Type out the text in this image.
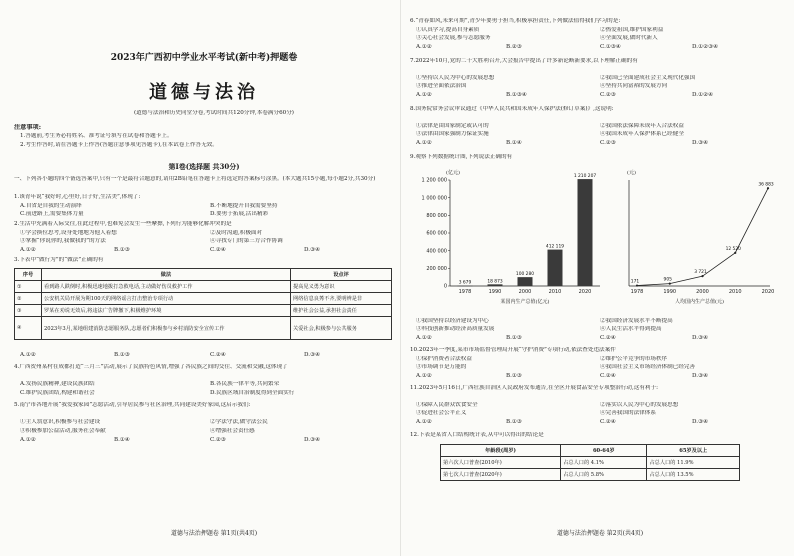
2023年广西初中学业水平考试(新中考)押题卷
道德与法治
(道德与法治和历史同堂分卷,考试时间共120分钟,本卷满分60分)
注意事项:
1.答题前,考生务必将姓名、准考证号填写在试卷和答题卡上。
2.考生作答时,请在答题卡上作答(答题注意事项见答题卡),在本试卷上作答无效。
第Ⅰ卷(选择题 共30分)
一、下列各小题的四个备选答案中,只有一个是最符合题意的,请用2B铅笔在答题卡上将选定的答案标号涂黑。(本大题共15小题,每小题2分,共30分)
1.该青年说“我好时,心里好,日子好,生活美”,体现了:
A.自省是自我的生动演绎	B.不断地提升自我需要坚持
C.前进路上,需要集体力量	D.要勇于拓展,活出精彩
2.生活中充满着人际交往,在此过程中,也难免会发生一些摩擦,下列行为能够化解冲突的是
①学会换位思考,设身处地地为他人着想	②及时沟通,积极面对
③掌握“你说你的,我做我的”的方法	④寻找专门的第三方合作协调
A.①②	B.①③	C.②④	D.③④
3.下表中“做行为”的“做法”正确的有
序号	做法	设点评
①	看到路人跌倒时,积极迅速地拨打急救电话,主动做好伤员救护工作	提高见义勇为意识
②	公安机关局开展为期100天的网络谣言打击整治专项行动	网络信息良莠不齐,要明辨是非
③	罗某在劝说无效后,将违法广告牌撤下,积极维护环境	维护社会公益,承担社会责任
④	2023年3月,某地组建消防志愿服务队,志愿者们积极参与乡村消防安全宣传工作	关爱社会,积极参与公共服务
A.①②	B.①③	C.②④	D.③④
4.广西贺州某村在成都打造“三月三”活动,展示了民族特色风情,增强了各民族之间的交往、交流和交融,这体现了
A.发扬民族精神,建设民族团结	B.各民族一律平等,共同繁荣
C.维护民族团结,构建和谐社会	D.民族区域自治制度得到全面实行
5.南宁市各地开展“我爱我家园”志愿活动,引导居民参与社区治理,共同建设美好家园,这启示我们:
①主人翁意识,积极参与社会建设	②学法守法,做守法公民
③积极参加公益活动,服务社会奉献	④增强社会责任感
A.①②	B.①④	C.②③	D.③④
道德与法治押题卷 第1页(共4页)
6.“青春如风,未来可期”,青少年要勇于担当,积极承担责任,下列做法值得我们学习的是:
①认真学习,提高自身素质	②热爱祖国,维护国家利益
③关心社会发展,参与志愿服务	④全面发展,做时代新人
A.①②	B.②③	C.①③④	D.①②③④
7.2022年10月,党的二十大胜利召开,大会报告中提出了许多新论断新要求,以下理解正确的有
①坚持以人民为中心的发展思想	②我国已全面建成社会主义现代化强国
③推进全面依法治国	④坚持共同富裕的发展方向
A.①②	B.①③④	C.②③	D.①②④
8.国务院常务会议审议通过《中华人民共和国未成年人保护法(修订草案)》,这说明:
①法律是由国家制定或认可的	②我国依法保障未成年人合法权益
③法律由国家强制力保证实施	④我国未成年人保护体系已经健全
A.①②	B.①④	C.②③	D.③④
9.观察下列数据统计图,下列说法正确的有
(亿元)
0
200 000
400 000
600 000
800 000
1 000 000
1 200 000
3 679
1978
18 873
1990
100 280
2000
412 119
2010
1 210 207
2020
某国内生产总值(亿元)
(元)
171
1978
905
1990
3 721
2000
12 520
2010
36 883
2020
人均国内生产总值(元)
①我国坚持以经济建设为中心	②我国经济发展水平不断提高
③科技创新推动经济高质量发展	④人民生活水平得到提高
A.①②	B.①③	C.②④	D.③④
10.2023年一季度,某市市场监督管理局开展“守护消费”专项行动,依法查处违法案件
①保护消费者合法权益	②维护公平竞争的市场秩序
③市场调节是万能的	④我国社会主义市场经济体制已经完善
A.①②	B.①③	C.②④	D.③④
11.2023年5月16日,广西壮族自治区人民政府发布通告,在全区开展食品安全专项整治行动,这有利于:
①保障人民群众饮食安全	②落实以人民为中心的发展思想
③促进社会公平正义	④完善我国的法律体系
A.①②	B.①③	C.②④	D.③④
12.下表是某省人口结构统计表,从中可以得出的结论是
年龄段(周岁)	60-64岁	65岁及以上
第六次人口普查(2010年)	占总人口的 4.1%	占总人口的 11.9%
第七次人口普查(2020年)	占总人口的 5.8%	占总人口的 13.5%
道德与法治押题卷 第2页(共4页)
